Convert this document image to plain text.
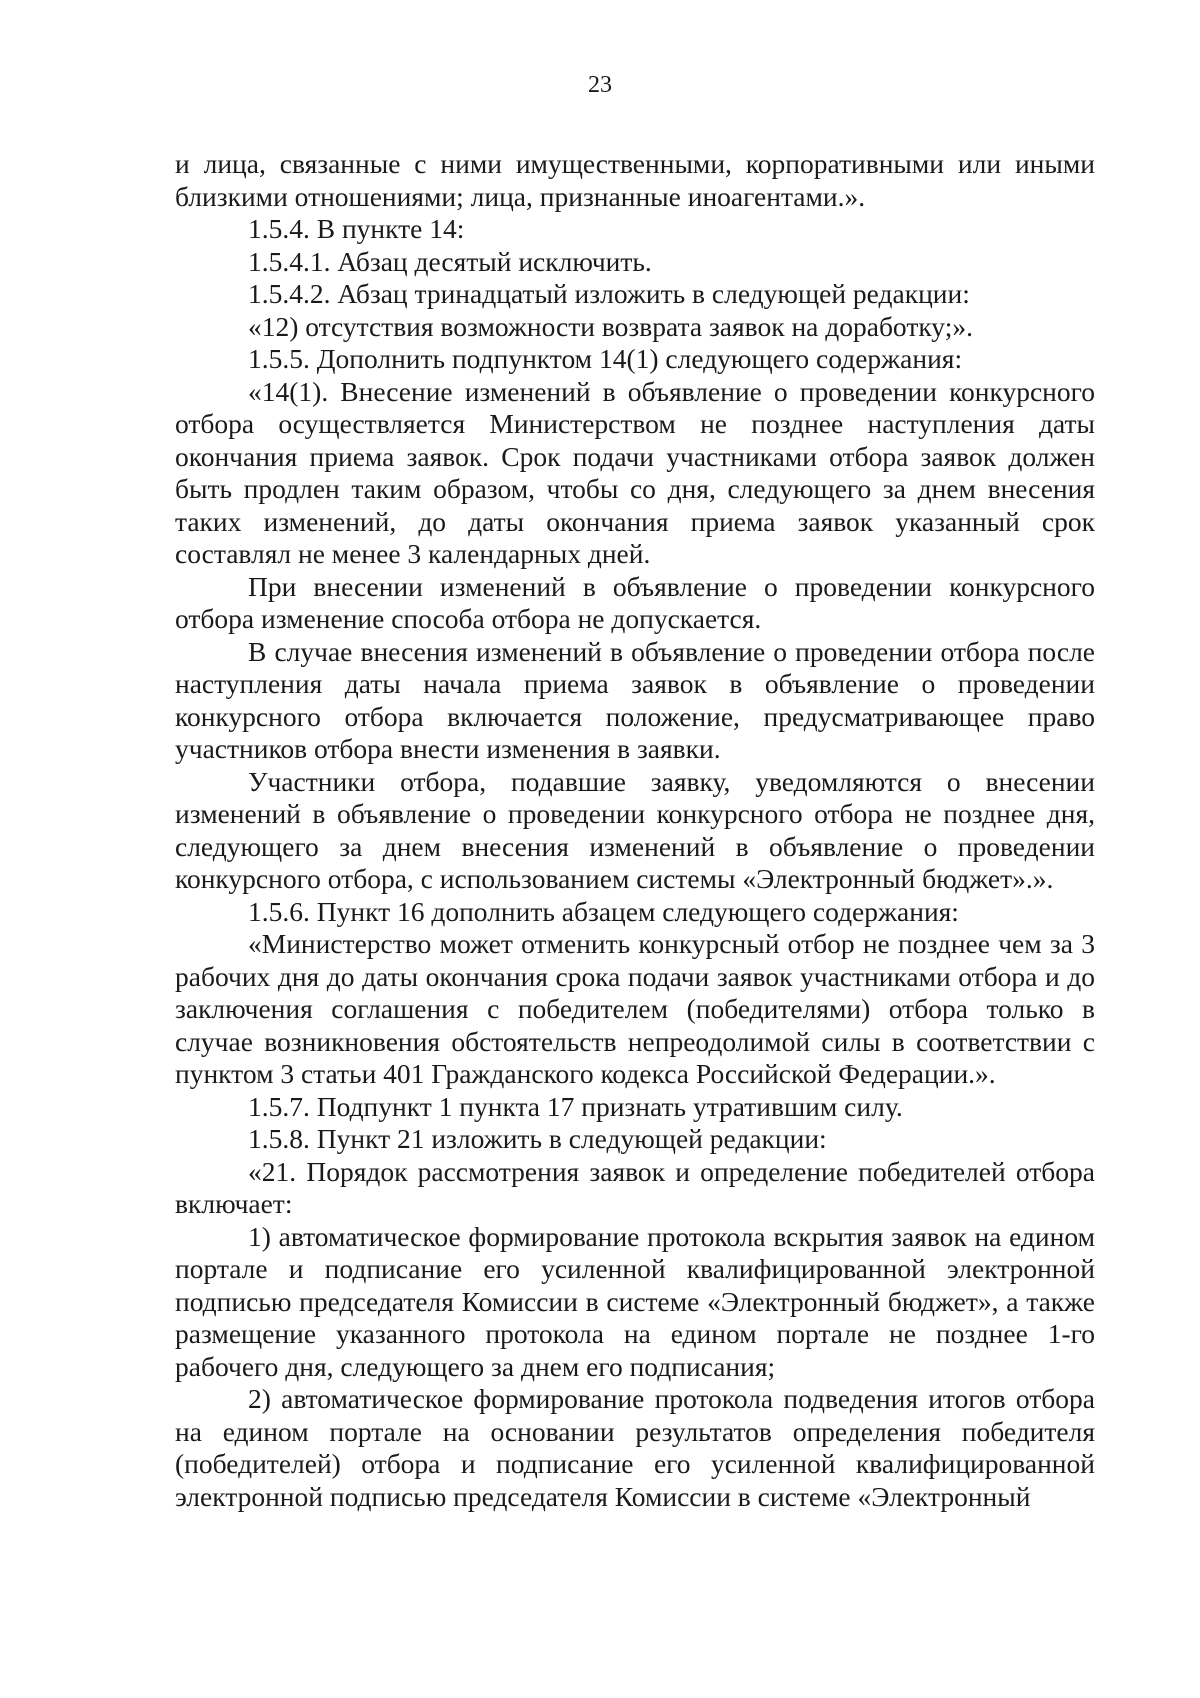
23

и лица, связанные с ними имущественными, корпоративными или иными близкими отношениями; лица, признанные иноагентами.».

1.5.4. В пункте 14:

1.5.4.1. Абзац десятый исключить.

1.5.4.2. Абзац тринадцатый изложить в следующей редакции:

«12) отсутствия возможности возврата заявок на доработку;».

1.5.5. Дополнить подпунктом 14(1) следующего содержания:

«14(1). Внесение изменений в объявление о проведении конкурсного отбора осуществляется Министерством не позднее наступления даты окончания приема заявок. Срок подачи участниками отбора заявок должен быть продлен таким образом, чтобы со дня, следующего за днем внесения таких изменений, до даты окончания приема заявок указанный срок составлял не менее 3 календарных дней.

При внесении изменений в объявление о проведении конкурсного отбора изменение способа отбора не допускается.

В случае внесения изменений в объявление о проведении отбора после наступления даты начала приема заявок в объявление о проведении конкурсного отбора включается положение, предусматривающее право участников отбора внести изменения в заявки.

Участники отбора, подавшие заявку, уведомляются о внесении изменений в объявление о проведении конкурсного отбора не позднее дня, следующего за днем внесения изменений в объявление о проведении конкурсного отбора, с использованием системы «Электронный бюджет».».

1.5.6. Пункт 16 дополнить абзацем следующего содержания:

«Министерство может отменить конкурсный отбор не позднее чем за 3 рабочих дня до даты окончания срока подачи заявок участниками отбора и до заключения соглашения с победителем (победителями) отбора только в случае возникновения обстоятельств непреодолимой силы в соответствии с пунктом 3 статьи 401 Гражданского кодекса Российской Федерации.».

1.5.7. Подпункт 1 пункта 17 признать утратившим силу.

1.5.8. Пункт 21 изложить в следующей редакции:

«21. Порядок рассмотрения заявок и определение победителей отбора включает:

1) автоматическое формирование протокола вскрытия заявок на едином портале и подписание его усиленной квалифицированной электронной подписью председателя Комиссии в системе «Электронный бюджет», а также размещение указанного протокола на едином портале не позднее 1-го рабочего дня, следующего за днем его подписания;

2) автоматическое формирование протокола подведения итогов отбора на едином портале на основании результатов определения победителя (победителей) отбора и подписание его усиленной квалифицированной электронной подписью председателя Комиссии в системе «Электронный
